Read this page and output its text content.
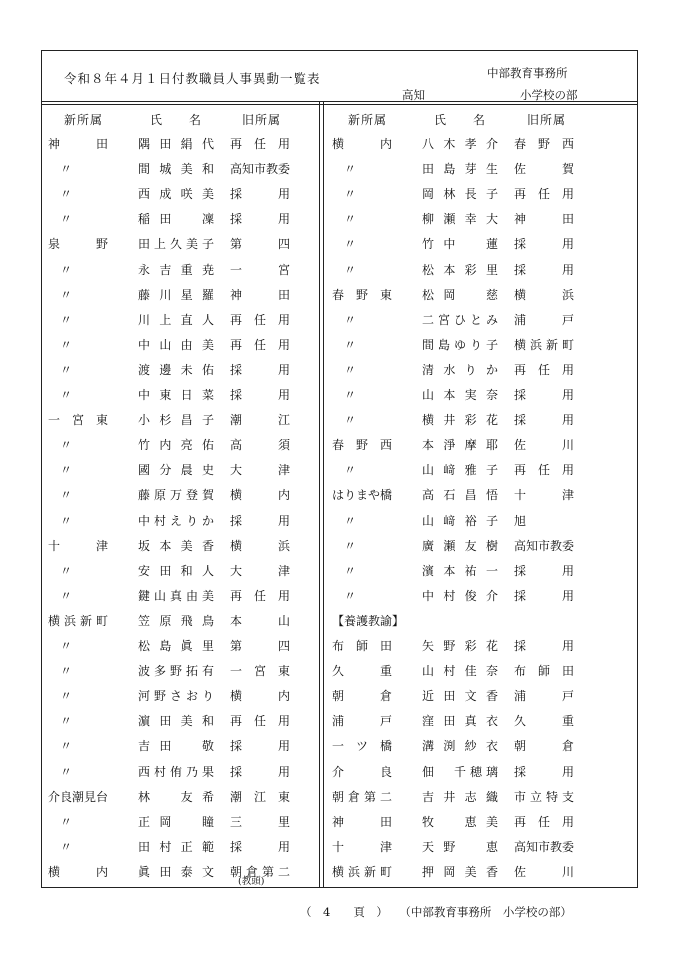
令和８年４月１日付教職員人事異動一覧表	中部教育事務所
高知	小学校の部
新所属	氏　　名	旧所属	新所属	氏　　名	旧所属
神　田	隅田絹代 再任用
〃	間城美和 高知市教委
〃	西成咲美 採　用
〃	稲田　凜 採　用
泉　野	田上久美子 第　四
〃	永吉重尭 一　宮
〃	藤川星羅 神　田
〃	川上直人 再任用
〃	中山由美 再任用
〃	渡邊未佑 採　用
〃	中東日菜 採　用
一宮東	小杉昌子 潮　江
〃	竹内亮佑 高　須
〃	國分晨史 大　津
〃	藤原万登賀 横　内
〃	中村えりか 採　用
十　津	坂本美香 横　浜
〃	安田和人 大　津
〃	鍵山真由美 再任用
横浜新町	笠原飛鳥 本　山
〃	松島眞里 第　四
〃	波多野拓有 一宮東
〃	河野さおり 横　内
〃	濵田美和 再任用
〃	吉田　敬 採　用
〃	西村侑乃果 採　用
介良潮見台 林　友希 潮江東
〃	正岡　瞳 三　里
〃	田村正範 採　用
横　内	眞田泰文 朝倉第二
(教頭)
横　内	八木孝介 春野西
〃	田島芽生 佐　賀
〃	岡林長子 再任用
〃	柳瀬幸大 神　田
〃	竹中　蓮 採　用
〃	松本彩里 採　用
春野東	松岡　慈 横　浜
〃	二宮ひとみ 浦　戸
〃	間島ゆり子 横浜新町
〃	清水りか 再任用
〃	山本実奈 採　用
〃	横井彩花 採　用
春野西	本淨摩耶 佐　川
〃	山﨑雅子 再任用
はりまや橋 高石昌悟 十　津
〃	山﨑裕子 旭
〃	廣瀬友樹 高知市教委
〃	濱本祐一 採　用
〃	中村俊介 採　用
【養護教諭】
布師田	矢野彩花 採　用
久　重	山村佳奈 布師田
朝　倉	近田文香 浦　戸
浦　戸	窪田真衣 久　重
一ツ橋	溝渕紗衣 朝　倉
介　良	佃　千穂璃 採　用
朝倉第二	吉井志織 市立特支
神　田	牧　恵美 再任用
十　津	天野　恵 高知市教委
横浜新町	押岡美香 佐　川
（　4　　頁　）　　 （中部教育事務所　小学校の部）
